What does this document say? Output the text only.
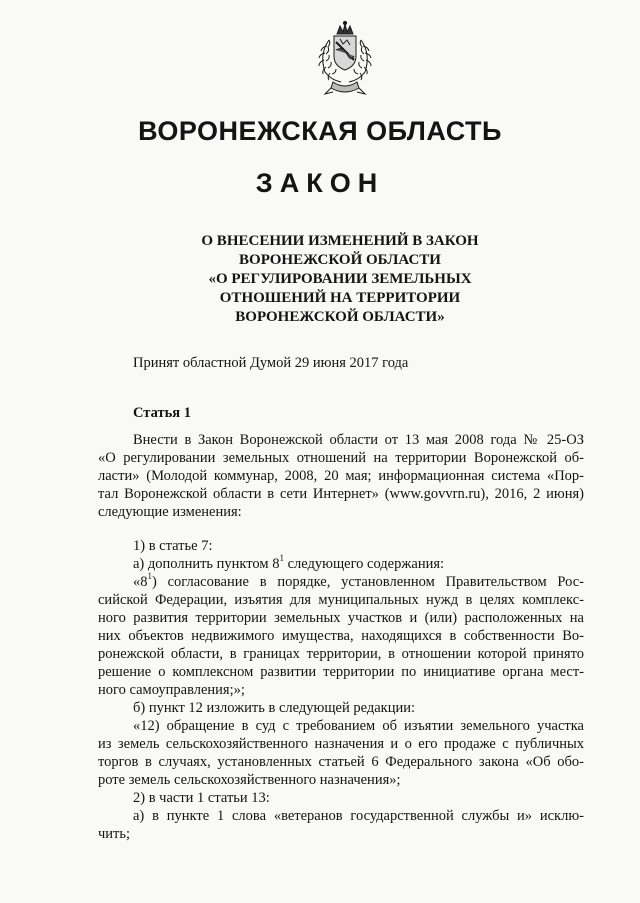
ВОРОНЕЖСКАЯ ОБЛАСТЬ
ЗАКОН
О ВНЕСЕНИИ ИЗМЕНЕНИЙ В ЗАКОН
ВОРОНЕЖСКОЙ ОБЛАСТИ
«О РЕГУЛИРОВАНИИ ЗЕМЕЛЬНЫХ
ОТНОШЕНИЙ НА ТЕРРИТОРИИ
ВОРОНЕЖСКОЙ ОБЛАСТИ»
Принят областной Думой 29 июня 2017 года
Статья 1
Внести в Закон Воронежской области от 13 мая 2008 года № 25-ОЗ
«О регулировании земельных отношений на территории Воронежской об-
ласти» (Молодой коммунар, 2008, 20 мая; информационная система «Пор-
тал Воронежской области в сети Интернет» (www.govvrn.ru), 2016, 2 июня)
следующие изменения:
1) в статье 7:
а) дополнить пунктом $8^1$ следующего содержания:
«$8^1$) согласование в порядке, установленном Правительством Рос-
сийской Федерации, изъятия для муниципальных нужд в целях комплекс-
ного развития территории земельных участков и (или) расположенных на
них объектов недвижимого имущества, находящихся в собственности Во-
ронежской области, в границах территории, в отношении которой принято
решение о комплексном развитии территории по инициативе органа мест-
ного самоуправления;»;
б) пункт 12 изложить в следующей редакции:
«12) обращение в суд с требованием об изъятии земельного участка
из земель сельскохозяйственного назначения и о его продаже с публичных
торгов в случаях, установленных статьей 6 Федерального закона «Об обо-
роте земель сельскохозяйственного назначения»;
2) в части 1 статьи 13:
а) в пункте 1 слова «ветеранов государственной службы и» исклю-
чить;
